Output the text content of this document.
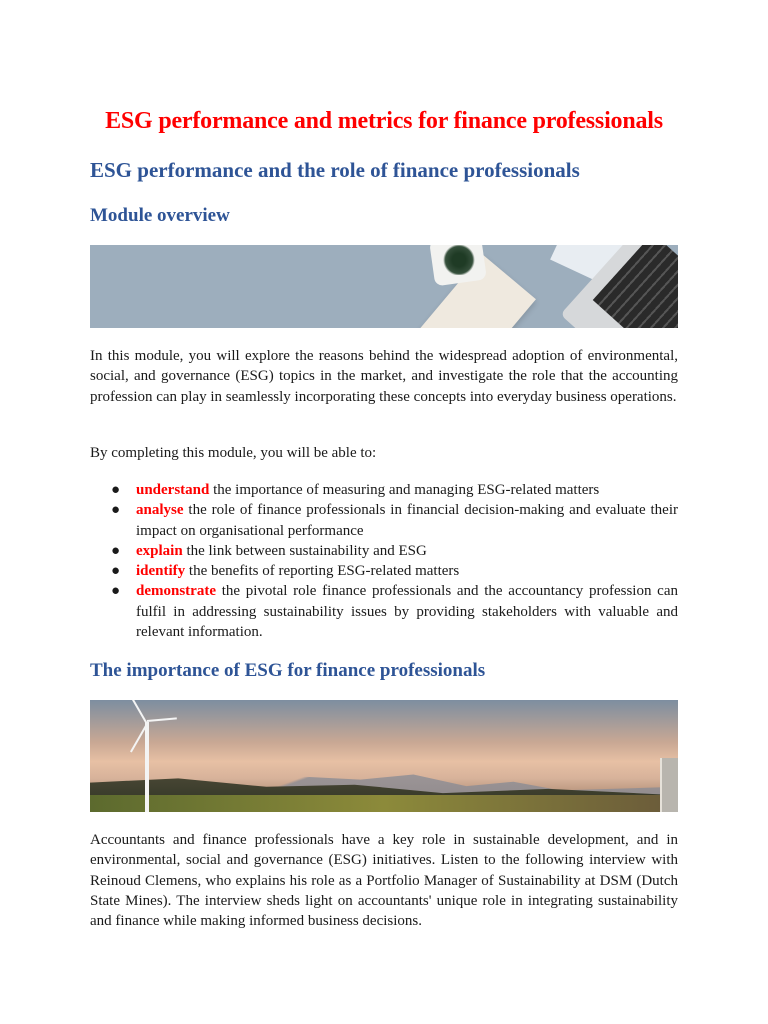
ESG performance and metrics for finance professionals
ESG performance and the role of finance professionals
Module overview

In this module, you will explore the reasons behind the widespread adoption of environmental, social, and governance (ESG) topics in the market, and investigate the role that the accounting profession can play in seamlessly incorporating these concepts into everyday business operations.

By completing this module, you will be able to:

● understand the importance of measuring and managing ESG-related matters
● analyse the role of finance professionals in financial decision-making and evaluate their impact on organisational performance
● explain the link between sustainability and ESG
● identify the benefits of reporting ESG-related matters
● demonstrate the pivotal role finance professionals and the accountancy profession can fulfil in addressing sustainability issues by providing stakeholders with valuable and relevant information.
The importance of ESG for finance professionals

Accountants and finance professionals have a key role in sustainable development, and in environmental, social and governance (ESG) initiatives. Listen to the following interview with Reinoud Clemens, who explains his role as a Portfolio Manager of Sustainability at DSM (Dutch State Mines). The interview sheds light on accountants' unique role in integrating sustainability and finance while making informed business decisions.
